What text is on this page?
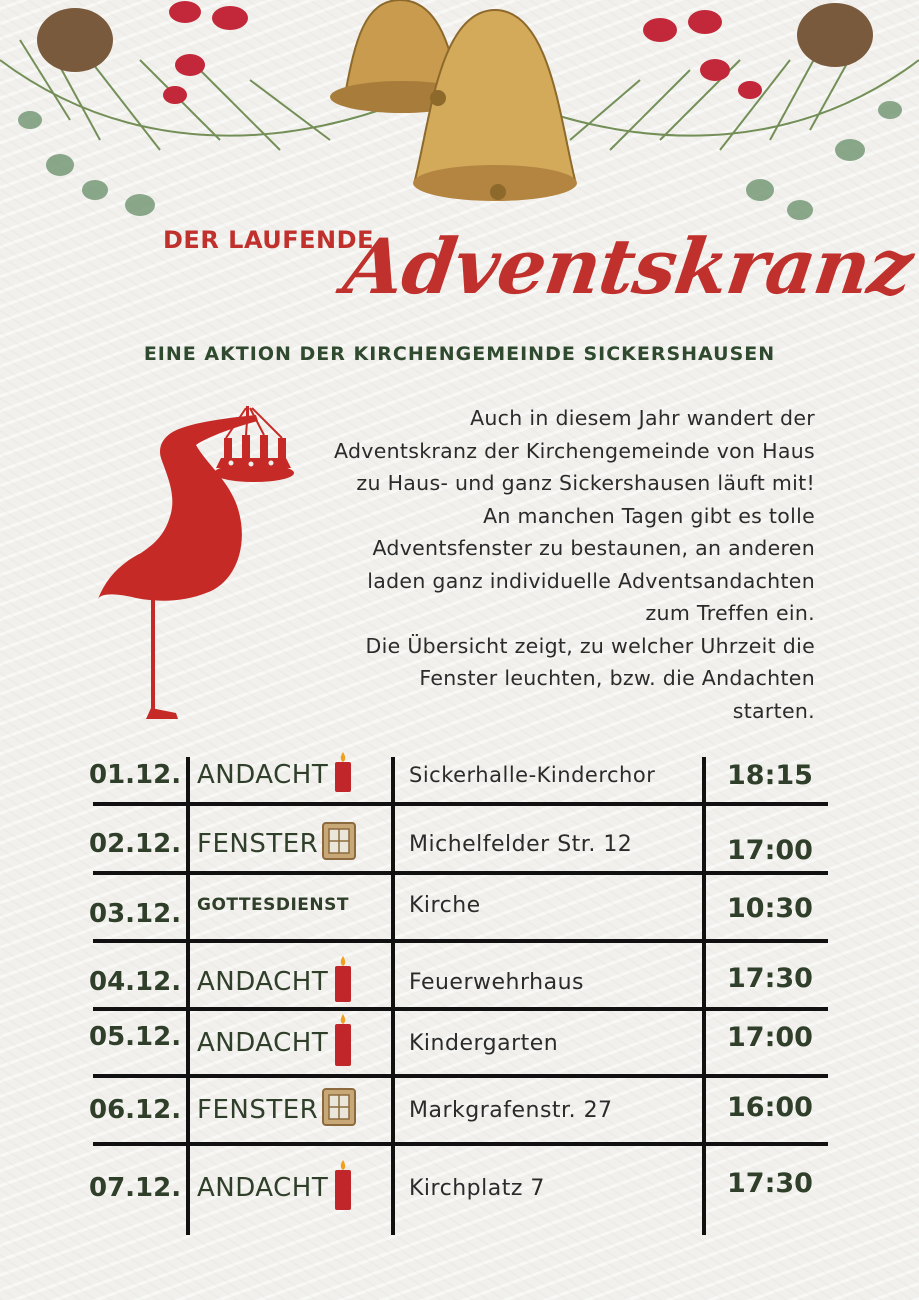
DER LAUFENDE
Adventskranz
EINE AKTION DER KIRCHENGEMEINDE SICKERSHAUSEN

Auch in diesem Jahr wandert der

Adventskranz der Kirchengemeinde von Haus

zu Haus- und ganz Sickershausen läuft mit!

An manchen Tagen gibt es tolle

Adventsfenster zu bestaunen, an anderen

laden ganz individuelle Adventsandachten

zum Treffen ein.

Die Übersicht zeigt, zu welcher Uhrzeit die

Fenster leuchten, bzw. die Andachten

starten.

01.12. ANDACHT	Sickerhalle-Kinderchor	18:15
02.12. FENSTER	Michelfelder Str. 12	17:00
03.12. GOTTESDIENST	Kirche	10:30
04.12. ANDACHT	Feuerwehrhaus	17:30
05.12. ANDACHT	Kindergarten	17:00
06.12. FENSTER	Markgrafenstr. 27	16:00
07.12. ANDACHT	Kirchplatz 7	17:30
